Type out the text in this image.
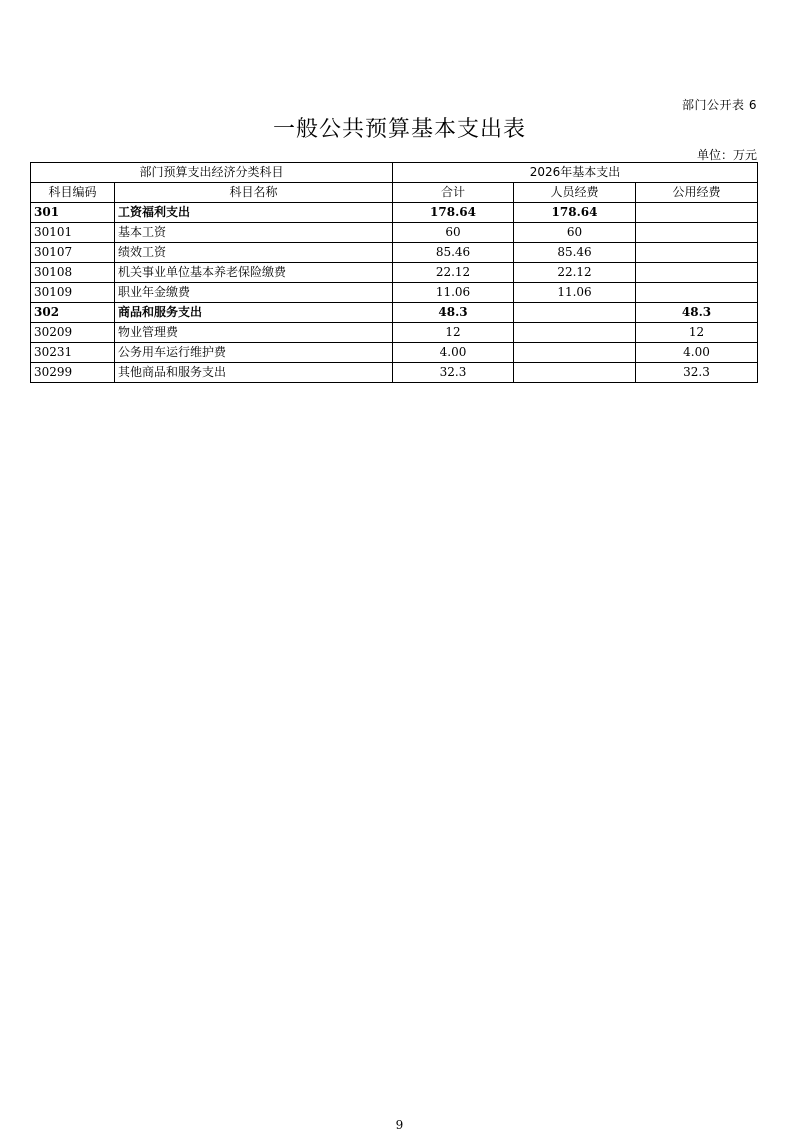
部门公开表 6
一般公共预算基本支出表
单位：万元
部门预算支出经济分类科目		2026年基本支出		
科目编码	科目名称	合计	人员经费	公用经费
301	工资福利支出	178.64	178.64	
30101	基本工资	60	60	
30107	绩效工资	85.46	85.46	
30108	机关事业单位基本养老保险缴费	22.12	22.12	
30109	职业年金缴费	11.06	11.06	
302	商品和服务支出	48.3		48.3
30209	物业管理费	12		12
30231	公务用车运行维护费	4.00		4.00
30299	其他商品和服务支出	32.3		32.3
9
